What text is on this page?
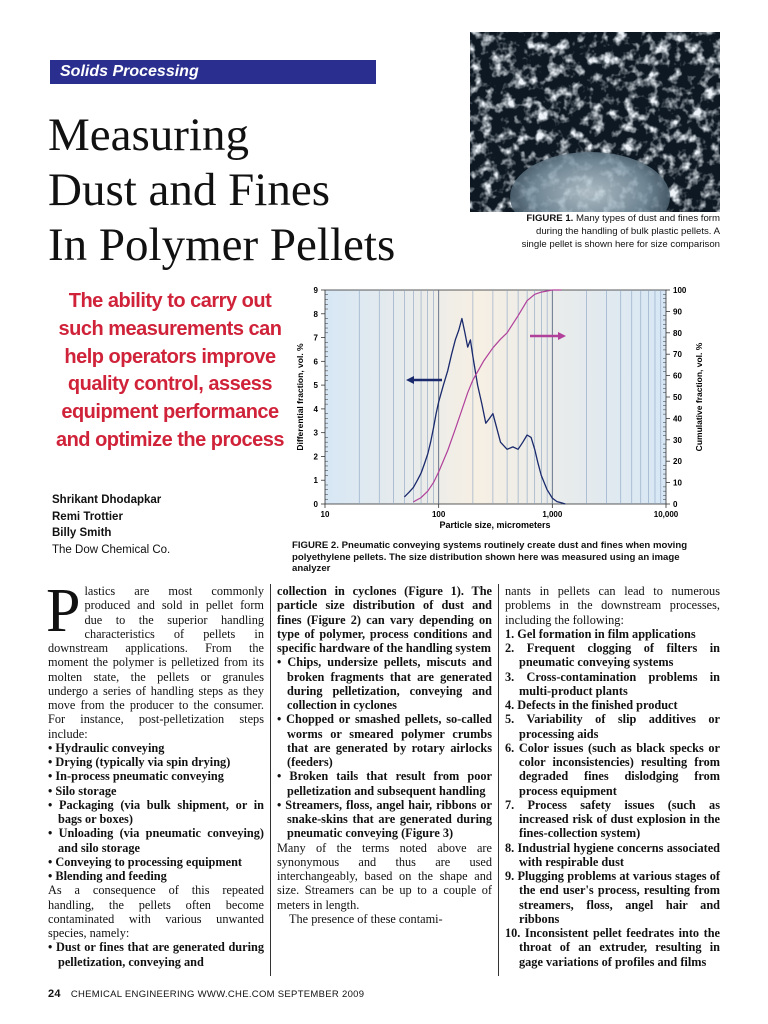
Solids Processing
Measuring
Dust and Fines
In Polymer Pellets
FIGURE 1. Many types of dust and fines form during the handling of bulk plastic pellets. A single pellet is shown here for size comparison
The ability to carry out such measurements can help operators improve quality control, assess equipment performance and optimize the process
0
1
2
3
4
5
6
7
8
9
0
10
20
30
40
50
60
70
80
90
100
10	100	1,000	10,000
Differential fraction, vol. %	Cumulative fraction, vol. %
Particle size, micrometers
FIGURE 2. Pneumatic conveying systems routinely create dust and fines when moving polyethylene pellets. The size distribution shown here was measured using an image analyzer
Shrikant Dhodapkar
Remi Trottier
Billy Smith
The Dow Chemical Co.

Plastics are most commonly produced and sold in pellet form due to the superior handling characteristics of pellets in downstream applications. From the moment the polymer is pelletized from its molten state, the pellets or granules undergo a series of handling steps as they move from the producer to the consumer. For instance, post-pelletization steps include:

• Hydraulic conveying

• Drying (typically via spin drying)

• In-process pneumatic conveying

• Silo storage

• Packaging (via bulk shipment, or in bags or boxes)

• Unloading (via pneumatic conveying) and silo storage

• Conveying to processing equipment

• Blending and feeding

As a consequence of this repeated handling, the pellets often become contaminated with various unwanted species, namely:

• Dust or fines that are generated during pelletization, conveying and

collection in cyclones (Figure 1). The particle size distribution of dust and fines (Figure 2) can vary depending on type of polymer, process conditions and specific hardware of the handling system

• Chips, undersize pellets, miscuts and broken fragments that are generated during pelletization, conveying and collection in cyclones

• Chopped or smashed pellets, so-called worms or smeared polymer crumbs that are generated by rotary airlocks (feeders)

• Broken tails that result from poor pelletization and subsequent handling

• Streamers, floss, angel hair, ribbons or snake-skins that are generated during pneumatic conveying (Figure 3)

Many of the terms noted above are synonymous and thus are used interchangeably, based on the shape and size. Streamers can be up to a couple of meters in length.

The presence of these contami-

nants in pellets can lead to numerous problems in the downstream processes, including the following:

1. Gel formation in film applications

2. Frequent clogging of filters in pneumatic conveying systems

3. Cross-contamination problems in multi-product plants

4. Defects in the finished product

5. Variability of slip additives or processing aids

6. Color issues (such as black specks or color inconsistencies) resulting from degraded fines dislodging from process equipment

7. Process safety issues (such as increased risk of dust explosion in the fines-collection system)

8. Industrial hygiene concerns associated with respirable dust

9. Plugging problems at various stages of the end user's process, resulting from streamers, floss, angel hair and ribbons

10. Inconsistent pellet feedrates into the throat of an extruder, resulting in gage variations of profiles and films

24 CHEMICAL ENGINEERING WWW.CHE.COM SEPTEMBER 2009
